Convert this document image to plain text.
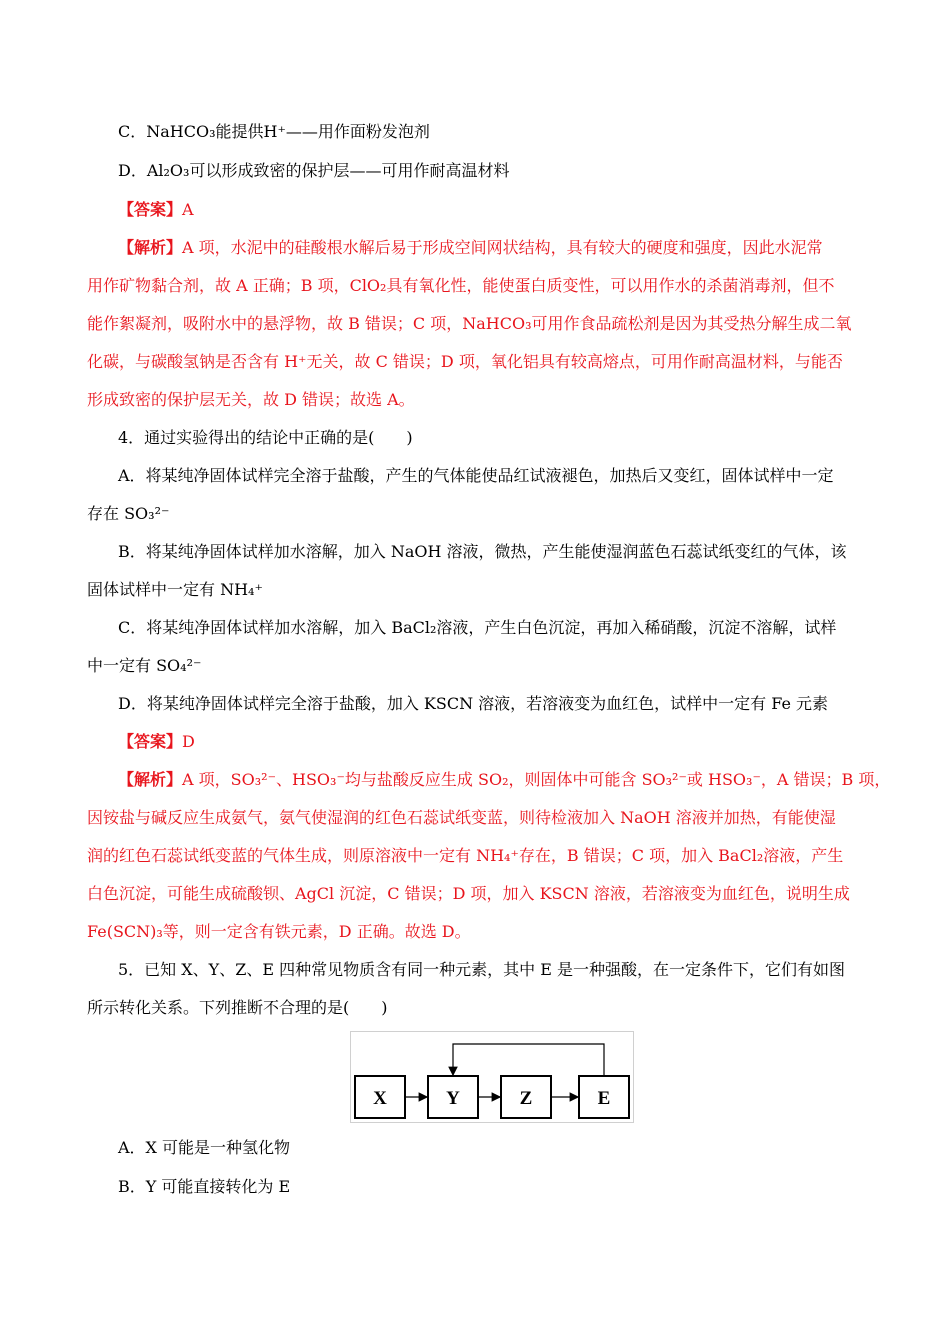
C．NaHCO₃能提供H⁺——用作面粉发泡剂
D．Al₂O₃可以形成致密的保护层——可用作耐高温材料
【答案】A
【解析】A 项，水泥中的硅酸根水解后易于形成空间网状结构，具有较大的硬度和强度，因此水泥常
用作矿物黏合剂，故 A 正确；B 项，ClO₂具有氧化性，能使蛋白质变性，可以用作水的杀菌消毒剂，但不
能作絮凝剂，吸附水中的悬浮物，故 B 错误；C 项，NaHCO₃可用作食品疏松剂是因为其受热分解生成二氧
化碳，与碳酸氢钠是否含有 H⁺无关，故 C 错误；D 项，氧化铝具有较高熔点，可用作耐高温材料，与能否
形成致密的保护层无关，故 D 错误；故选 A。
4．通过实验得出的结论中正确的是(　　)
A．将某纯净固体试样完全溶于盐酸，产生的气体能使品红试液褪色，加热后又变红，固体试样中一定
存在 SO₃²⁻
B．将某纯净固体试样加水溶解，加入 NaOH 溶液，微热，产生能使湿润蓝色石蕊试纸变红的气体，该
固体试样中一定有 NH₄⁺
C．将某纯净固体试样加水溶解，加入 BaCl₂溶液，产生白色沉淀，再加入稀硝酸，沉淀不溶解，试样
中一定有 SO₄²⁻
D．将某纯净固体试样完全溶于盐酸，加入 KSCN 溶液，若溶液变为血红色，试样中一定有 Fe 元素
【答案】D
【解析】A 项，SO₃²⁻、HSO₃⁻均与盐酸反应生成 SO₂，则固体中可能含 SO₃²⁻或 HSO₃⁻，A 错误；B 项，
因铵盐与碱反应生成氨气，氨气使湿润的红色石蕊试纸变蓝，则待检液加入 NaOH 溶液并加热，有能使湿
润的红色石蕊试纸变蓝的气体生成，则原溶液中一定有 NH₄⁺存在，B 错误；C 项，加入 BaCl₂溶液，产生
白色沉淀，可能生成硫酸钡、AgCl 沉淀，C 错误；D 项，加入 KSCN 溶液，若溶液变为血红色，说明生成
Fe(SCN)₃等，则一定含有铁元素，D 正确。故选 D。
5．已知 X、Y、Z、E 四种常见物质含有同一种元素，其中 E 是一种强酸，在一定条件下，它们有如图
所示转化关系。下列推断不合理的是(　　)
X	Y	Z	E
A．X 可能是一种氢化物
B．Y 可能直接转化为 E
